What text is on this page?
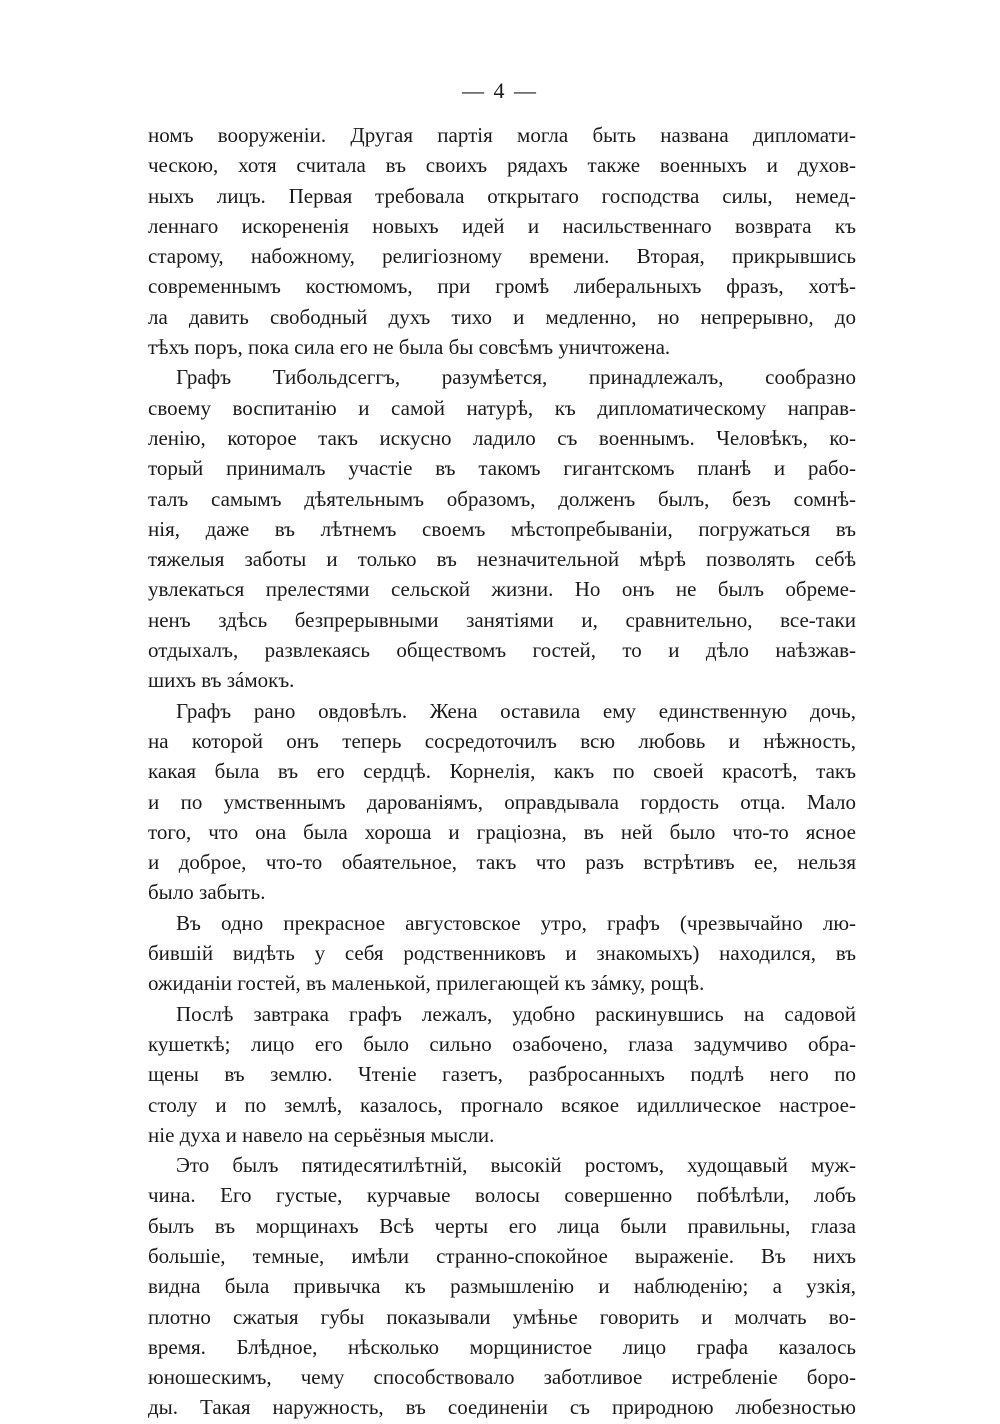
— 4 —
номъ вооруженiи. Другая партiя могла быть названа дипломати-
ческою, хотя считала въ своихъ рядахъ также военныхъ и духов-
ныхъ лицъ. Первая требовала открытаго господства силы, немед-
леннаго искорененiя новыхъ идей и насильственнаго возврата къ
старому, набожному, религiозному времени. Вторая, прикрывшись
современнымъ костюмомъ, при громѣ либеральныхъ фразъ, хотѣ-
ла давить свободный духъ тихо и медленно, но непрерывно, до
тѣхъ поръ, пока сила его не была бы совсѣмъ уничтожена.
Графъ Тибольдсеггъ, разумѣется, принадлежалъ, сообразно
своему воспитанiю и самой натурѣ, къ дипломатическому направ-
ленiю, которое такъ искусно ладило съ военнымъ. Человѣкъ, ко-
торый принималъ участiе въ такомъ гигантскомъ планѣ и рабо-
талъ самымъ дѣятельнымъ образомъ, долженъ былъ, безъ сомнѣ-
нiя, даже въ лѣтнемъ своемъ мѣстопребыванiи, погружаться въ
тяжелыя заботы и только въ незначительной мѣрѣ позволять себѣ
увлекаться прелестями сельской жизни. Но онъ не былъ обреме-
ненъ здѣсь безпрерывными занятiями и, сравнительно, все-таки
отдыхалъ, развлекаясь обществомъ гостей, то и дѣло наѣзжав-
шихъ въ зáмокъ.
Графъ рано овдовѣлъ. Жена оставила ему единственную дочь,
на которой онъ теперь сосредоточилъ всю любовь и нѣжность,
какая была въ его сердцѣ. Корнелiя, какъ по своей красотѣ, такъ
и по умственнымъ дарованiямъ, оправдывала гордость отца. Мало
того, что она была хороша и грацiозна, въ ней было что-то ясное
и доброе, что-то обаятельное, такъ что разъ встрѣтивъ ее, нельзя
было забыть.
Въ одно прекрасное августовское утро, графъ (чрезвычайно лю-
бившiй видѣть у себя родственниковъ и знакомыхъ) находился, въ
ожиданiи гостей, въ маленькой, прилегающей къ зáмку, рощѣ.
Послѣ завтрака графъ лежалъ, удобно раскинувшись на садовой
кушеткѣ; лицо его было сильно озабочено, глаза задумчиво обра-
щены въ землю. Чтенiе газетъ, разбросанныхъ подлѣ него по
столу и по землѣ, казалось, прогнало всякое идиллическое настрое-
нiе духа и навело на серьёзныя мысли.
Это былъ пятидесятилѣтнiй, высокiй ростомъ, худощавый муж-
чина. Его густые, курчавые волосы совершенно побѣлѣли, лобъ
былъ въ морщинахъ Всѣ черты его лица были правильны, глаза
большiе, темные, имѣли странно-спокойное выраженiе. Въ нихъ
видна была привычка къ размышленiю и наблюденiю; а узкiя,
плотно сжатыя губы показывали умѣнье говорить и молчать во-
время. Блѣдное, нѣсколько морщинистое лицо графа казалось
юношескимъ, чему способствовало заботливое истребленiе боро-
ды. Такая наружность, въ соединенiи съ природною любезностью
